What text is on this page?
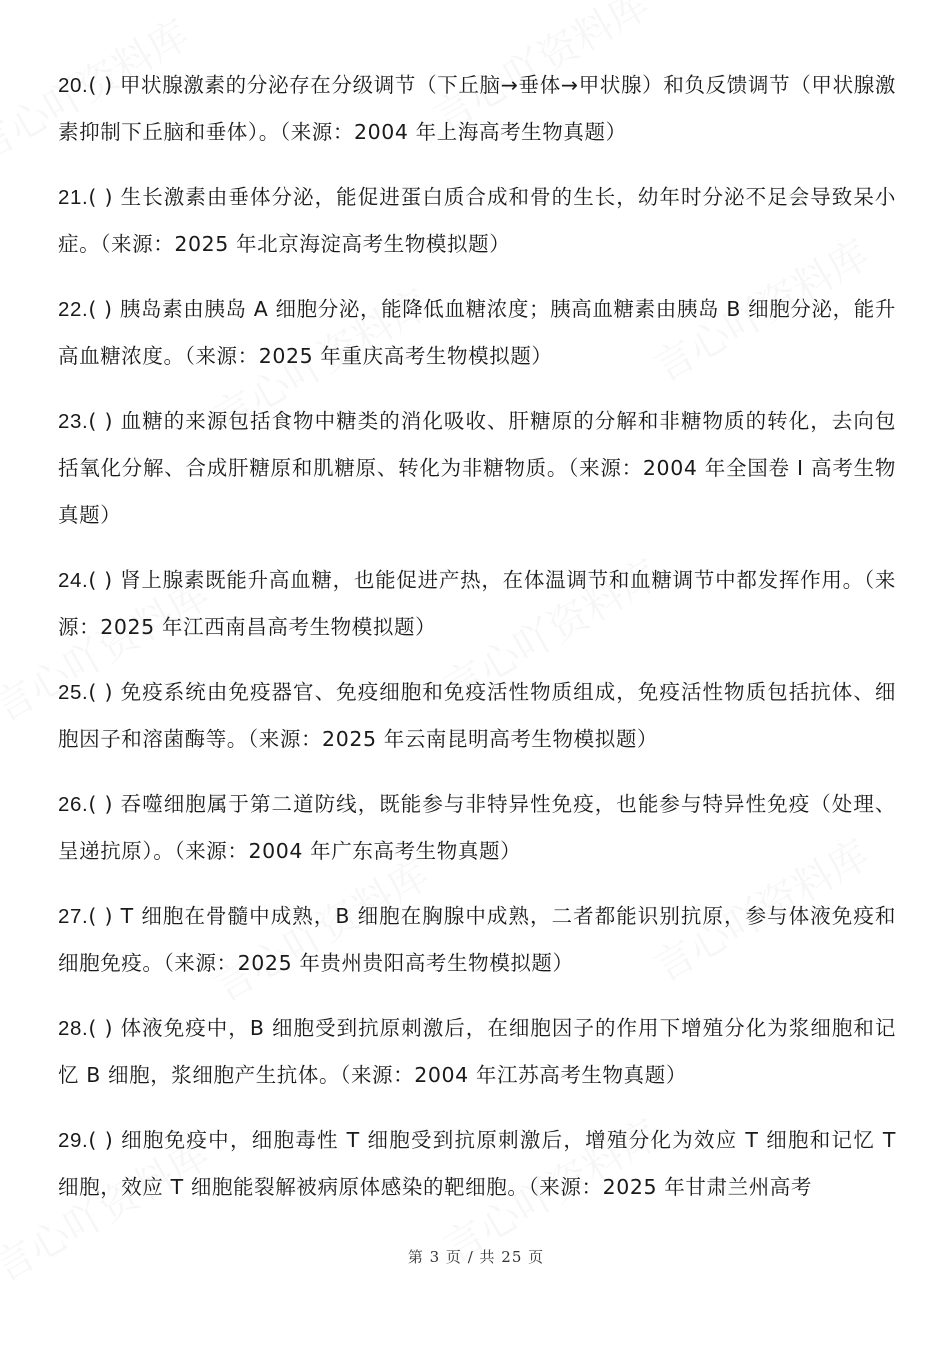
20.( ) 甲状腺激素的分泌存在分级调节（下丘脑→垂体→甲状腺）和负反馈调节（甲状腺激素抑制下丘脑和垂体）。（来源：2004 年上海高考生物真题）

21.( ) 生长激素由垂体分泌，能促进蛋白质合成和骨的生长，幼年时分泌不足会导致呆小症。（来源：2025 年北京海淀高考生物模拟题）

22.( ) 胰岛素由胰岛 A 细胞分泌，能降低血糖浓度；胰高血糖素由胰岛 B 细胞分泌，能升高血糖浓度。（来源：2025 年重庆高考生物模拟题）

23.( ) 血糖的来源包括食物中糖类的消化吸收、肝糖原的分解和非糖物质的转化，去向包括氧化分解、合成肝糖原和肌糖原、转化为非糖物质。（来源：2004 年全国卷 Ⅰ 高考生物真题）

24.( ) 肾上腺素既能升高血糖，也能促进产热，在体温调节和血糖调节中都发挥作用。（来源：2025 年江西南昌高考生物模拟题）

25.( ) 免疫系统由免疫器官、免疫细胞和免疫活性物质组成，免疫活性物质包括抗体、细胞因子和溶菌酶等。（来源：2025 年云南昆明高考生物模拟题）

26.( ) 吞噬细胞属于第二道防线，既能参与非特异性免疫，也能参与特异性免疫（处理、呈递抗原）。（来源：2004 年广东高考生物真题）

27.( ) T 细胞在骨髓中成熟，B 细胞在胸腺中成熟，二者都能识别抗原，参与体液免疫和细胞免疫。（来源：2025 年贵州贵阳高考生物模拟题）

28.( ) 体液免疫中，B 细胞受到抗原刺激后，在细胞因子的作用下增殖分化为浆细胞和记忆 B 细胞，浆细胞产生抗体。（来源：2004 年江苏高考生物真题）

29.( ) 细胞免疫中，细胞毒性 T 细胞受到抗原刺激后，增殖分化为效应 T 细胞和记忆 T 细胞，效应 T 细胞能裂解被病原体感染的靶细胞。（来源：2025 年甘肃兰州高考

第 3 页 / 共 25 页
